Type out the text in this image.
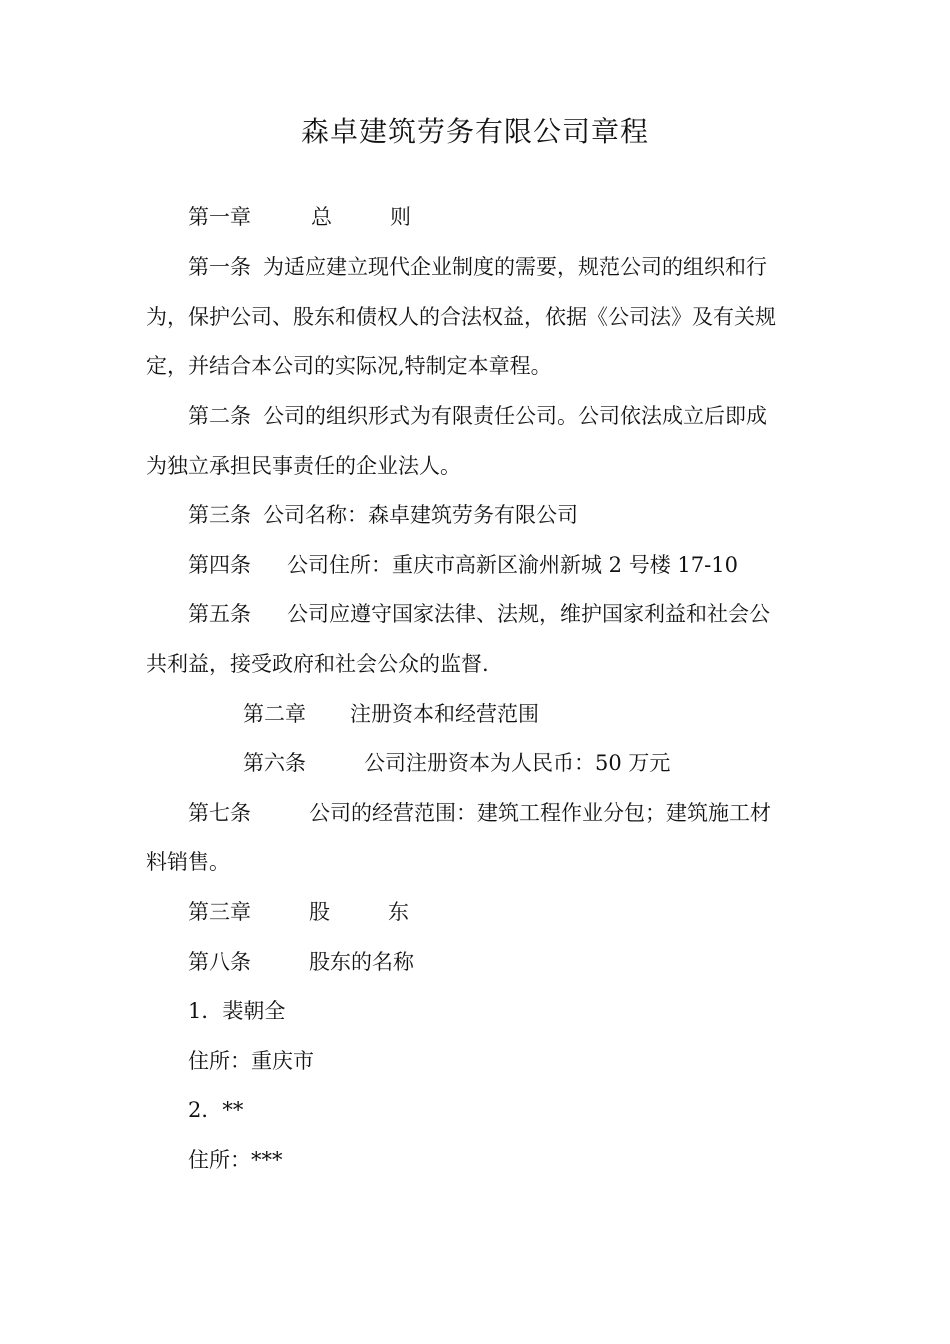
森卓建筑劳务有限公司章程

第一章	总	则

第一条 为适应建立现代企业制度的需要，规范公司的组织和行

为，保护公司、股东和债权人的合法权益，依据《公司法》及有关规

定，并结合本公司的实际况,特制定本章程。

第二条 公司的组织形式为有限责任公司。公司依法成立后即成

为独立承担民事责任的企业法人。

第三条 公司名称：森卓建筑劳务有限公司

第四条 公司住所：重庆市高新区渝州新城 2 号楼 17-10

第五条 公司应遵守国家法律、法规，维护国家利益和社会公

共利益，接受政府和社会公众的监督.

第二章 注册资本和经营范围

第六条	公司注册资本为人民币：50 万元

第七条	公司的经营范围：建筑工程作业分包；建筑施工材

料销售。

第三章	股	东

第八条	股东的名称

1．裴朝全

住所：重庆市

2．**

住所：***
